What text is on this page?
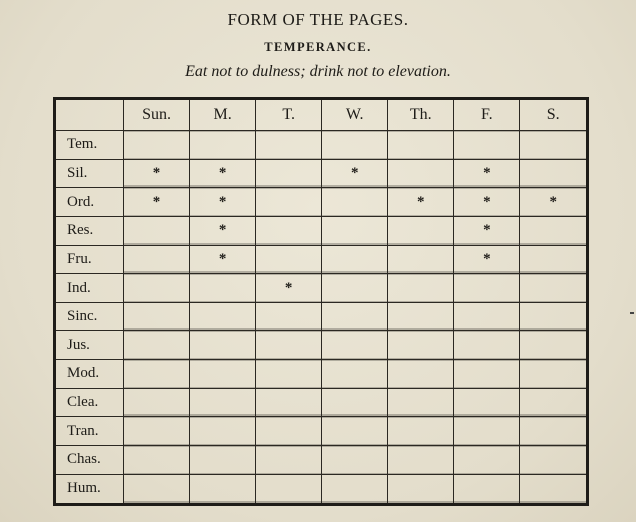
FORM OF THE PAGES.
TEMPERANCE.
Eat not to dulness; drink not to elevation.
	Sun.	M.	T.	W.	Th.	F.	S.
Tem.							
Sil.	*	*		*		*	
Ord.	*	*			*	*	*
Res.		*				*	
Fru.		*				*	
Ind.			*				
Sinc.							
Jus.							
Mod.							
Clea.							
Tran.							
Chas.							
Hum.							
